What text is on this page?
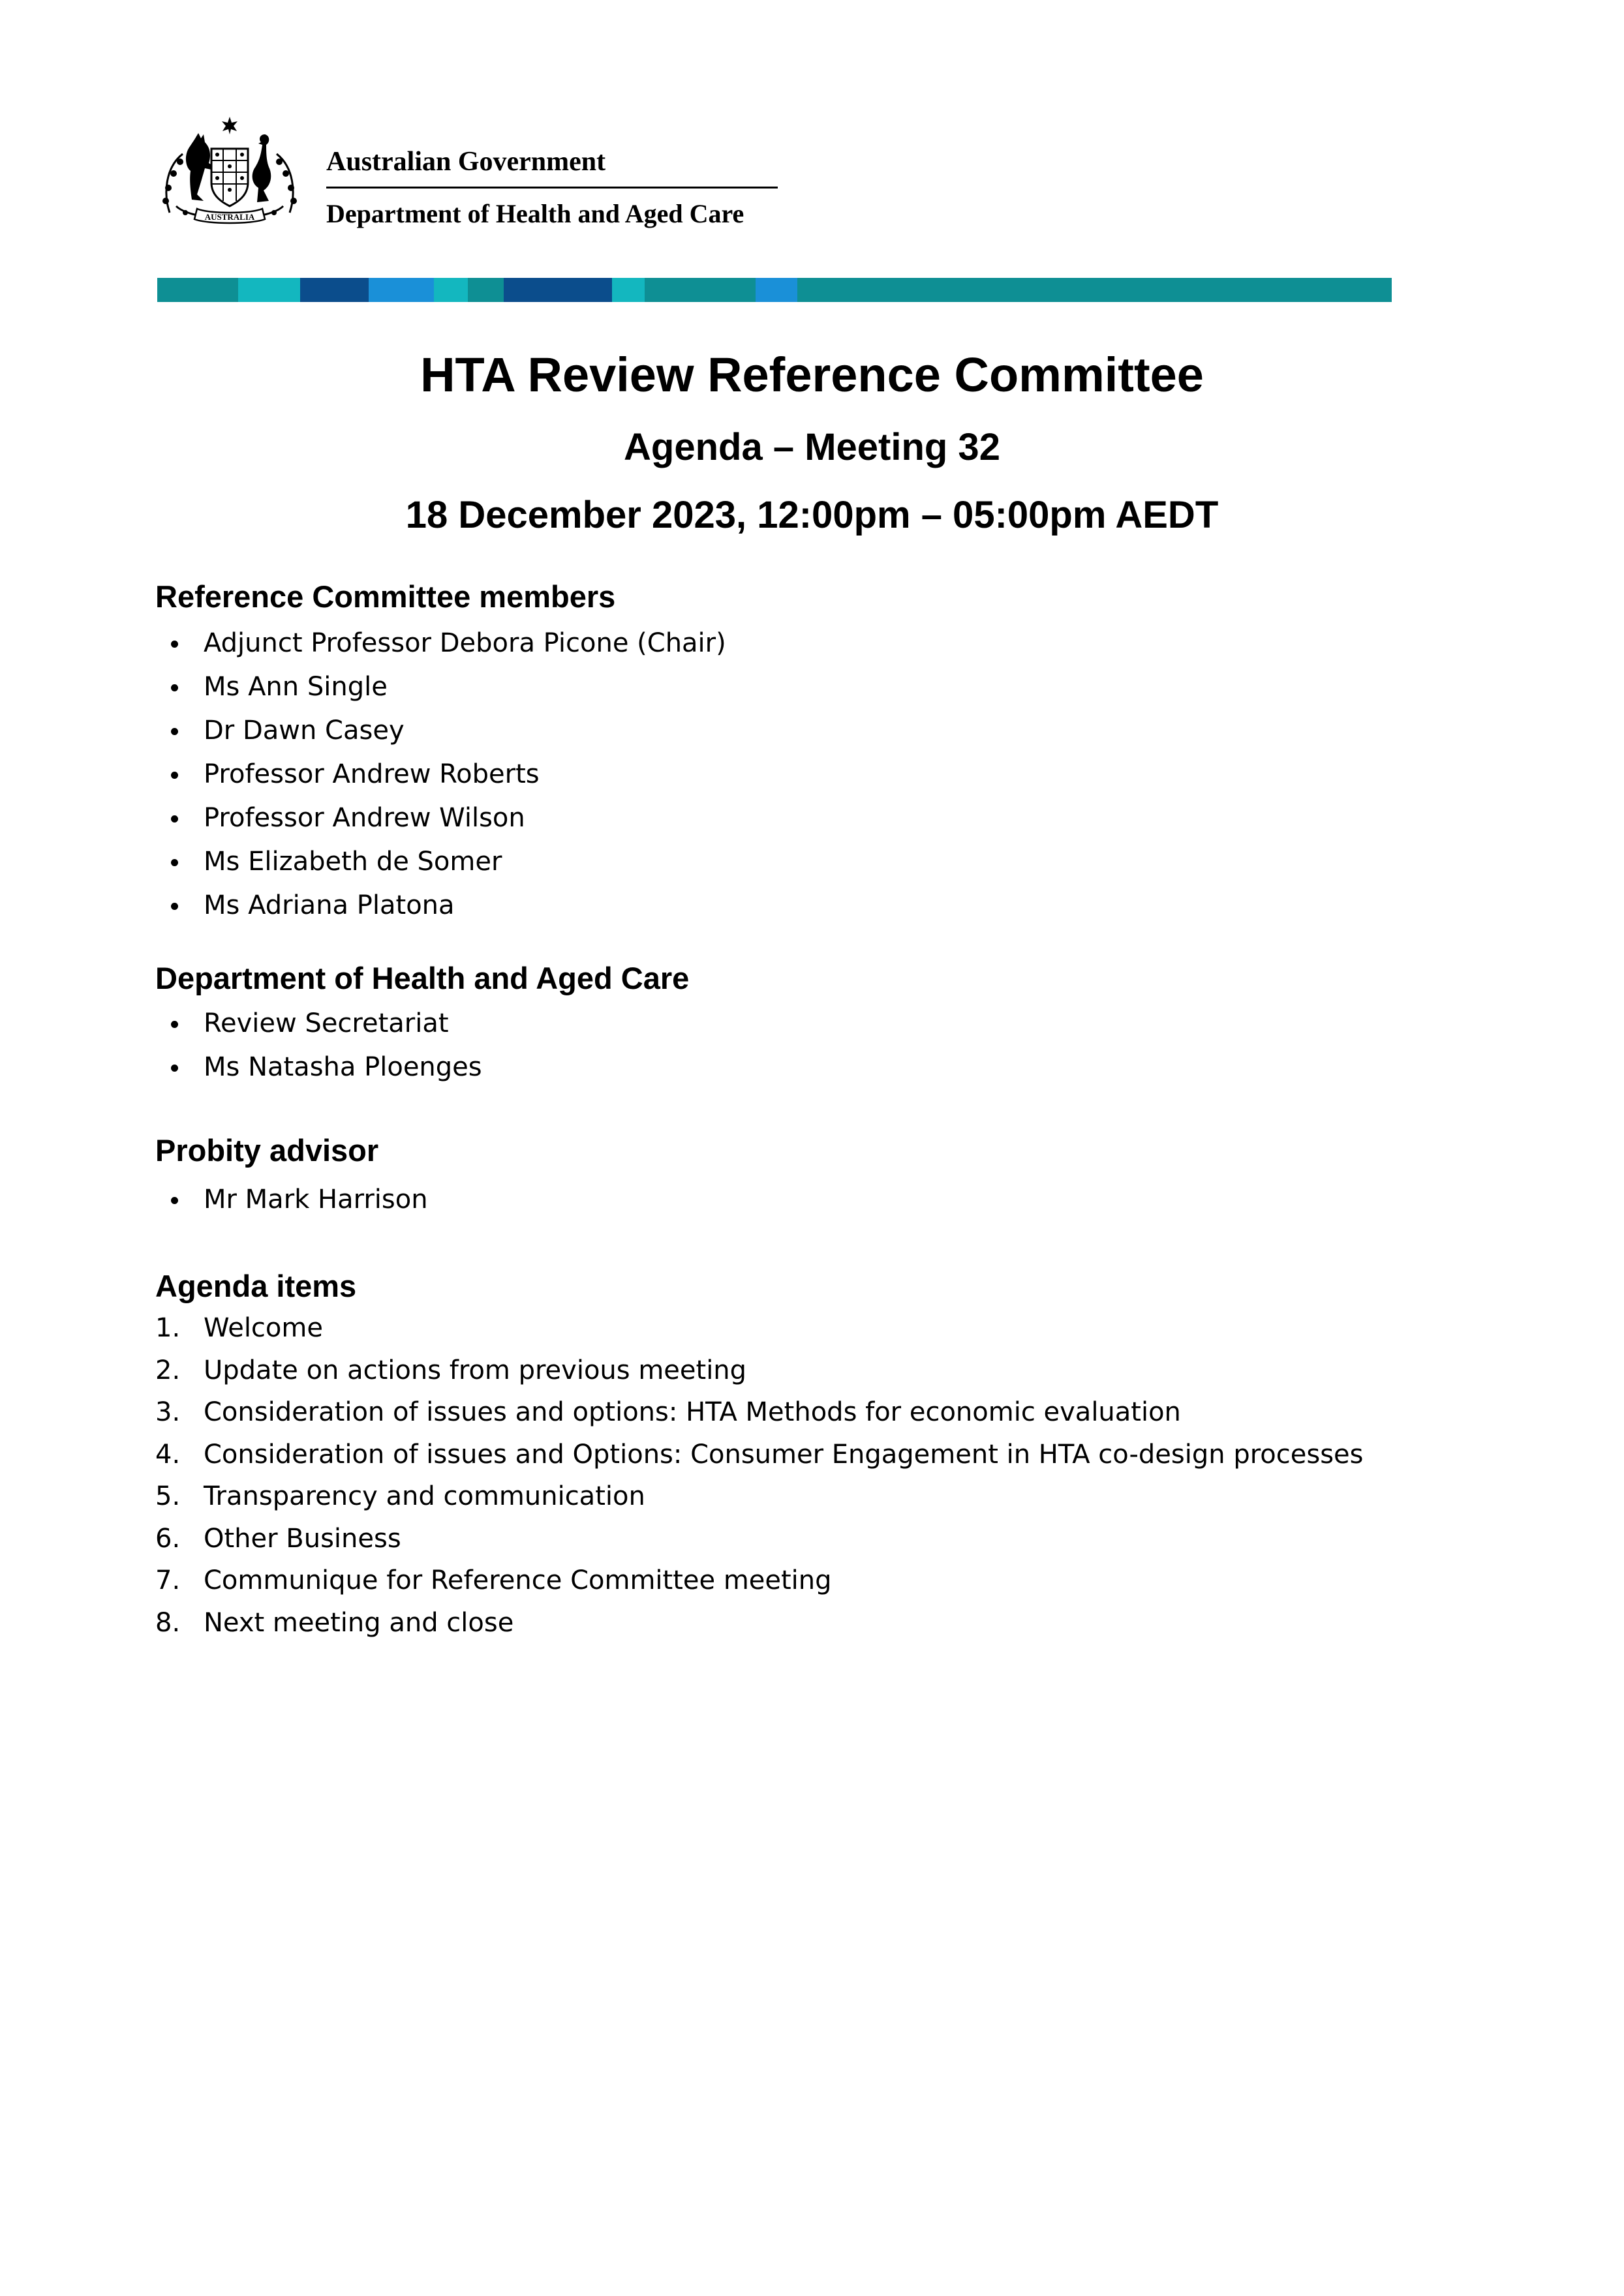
AUSTRALIA
Australian Government
Department of Health and Aged Care
HTA Review Reference Committee
Agenda – Meeting 32
18 December 2023, 12:00pm – 05:00pm AEDT
Reference Committee members
Adjunct Professor Debora Picone (Chair)
Ms Ann Single
Dr Dawn Casey
Professor Andrew Roberts
Professor Andrew Wilson
Ms Elizabeth de Somer
Ms Adriana Platona
Department of Health and Aged Care
Review Secretariat
Ms Natasha Ploenges
Probity advisor
Mr Mark Harrison
Agenda items
1. Welcome
2. Update on actions from previous meeting
3. Consideration of issues and options: HTA Methods for economic evaluation
4. Consideration of issues and Options: Consumer Engagement in HTA co-design processes
5. Transparency and communication
6. Other Business
7. Communique for Reference Committee meeting
8. Next meeting and close
